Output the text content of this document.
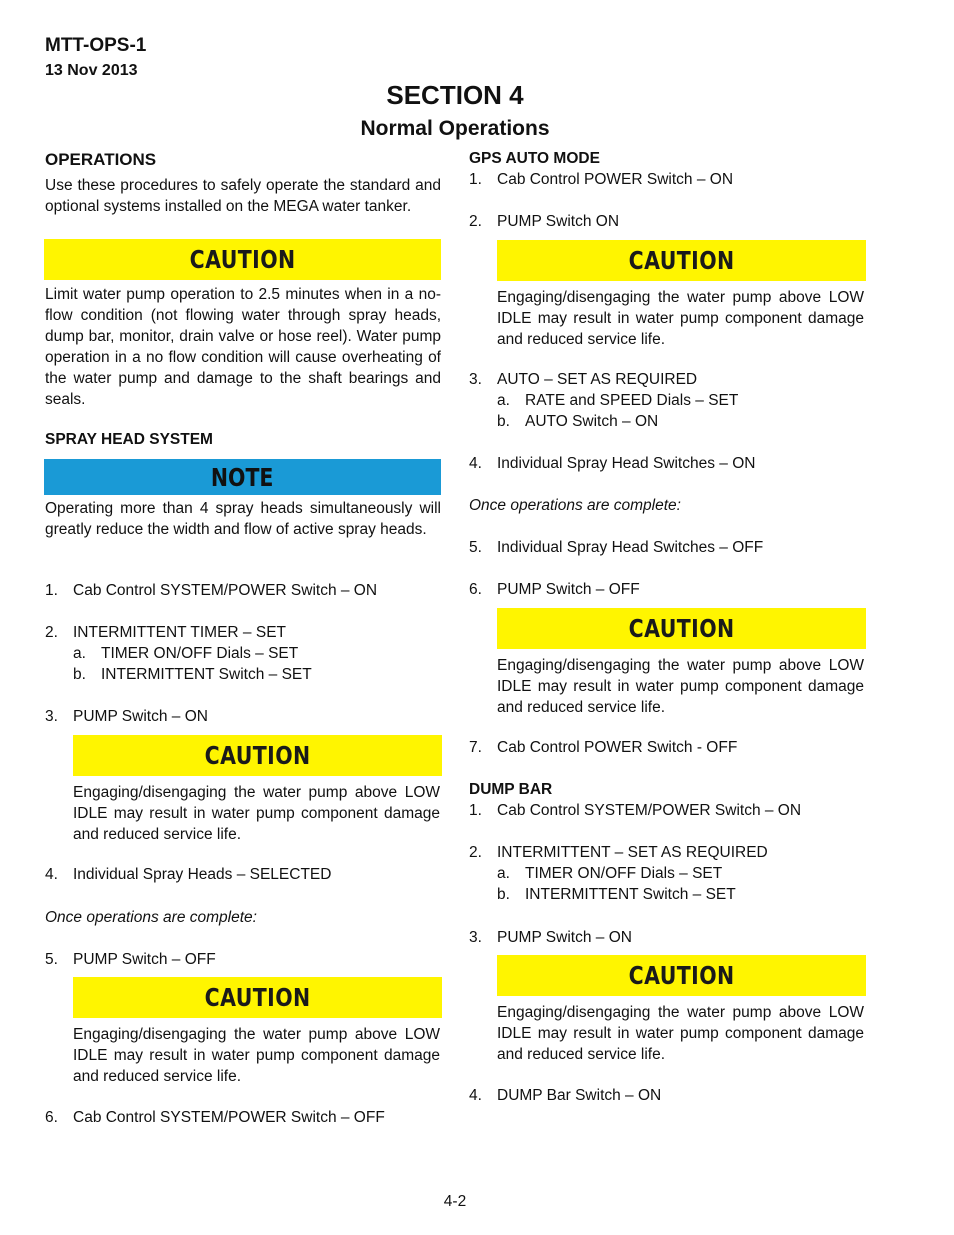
MTT-OPS-1
13 Nov 2013
SECTION 4
Normal Operations
OPERATIONS
Use these procedures to safely operate the standard and optional systems installed on the MEGA water tanker.
CAUTION
Limit water pump operation to 2.5 minutes when in a no-flow condition (not flowing water through spray heads, dump bar, monitor, drain valve or hose reel). Water pump operation in a no flow condition will cause overheating of the water pump and damage to the shaft bearings and seals.
SPRAY HEAD SYSTEM
NOTE
Operating more than 4 spray heads simultaneously will greatly reduce the width and flow of active spray heads.
1. Cab Control SYSTEM/POWER Switch – ON
2. INTERMITTENT TIMER – SET
a. TIMER ON/OFF Dials – SET
b. INTERMITTENT Switch – SET
3. PUMP Switch – ON
CAUTION
Engaging/disengaging the water pump above LOW IDLE may result in water pump component damage and reduced service life.
4. Individual Spray Heads – SELECTED
Once operations are complete:
5. PUMP Switch – OFF
CAUTION
Engaging/disengaging the water pump above LOW IDLE may result in water pump component damage and reduced service life.
6. Cab Control SYSTEM/POWER Switch – OFF
GPS AUTO MODE
1. Cab Control POWER Switch – ON
2. PUMP Switch ON
CAUTION
Engaging/disengaging the water pump above LOW IDLE may result in water pump component damage and reduced service life.
3. AUTO – SET AS REQUIRED
a. RATE and SPEED Dials – SET
b. AUTO Switch – ON
4. Individual Spray Head Switches – ON
Once operations are complete:
5. Individual Spray Head Switches – OFF
6. PUMP Switch – OFF
CAUTION
Engaging/disengaging the water pump above LOW IDLE may result in water pump component damage and reduced service life.
7. Cab Control POWER Switch - OFF
DUMP BAR
1. Cab Control SYSTEM/POWER Switch – ON
2. INTERMITTENT – SET AS REQUIRED
a. TIMER ON/OFF Dials – SET
b. INTERMITTENT Switch – SET
3. PUMP Switch – ON
CAUTION
Engaging/disengaging the water pump above LOW IDLE may result in water pump component damage and reduced service life.
4. DUMP Bar Switch – ON
4-2
